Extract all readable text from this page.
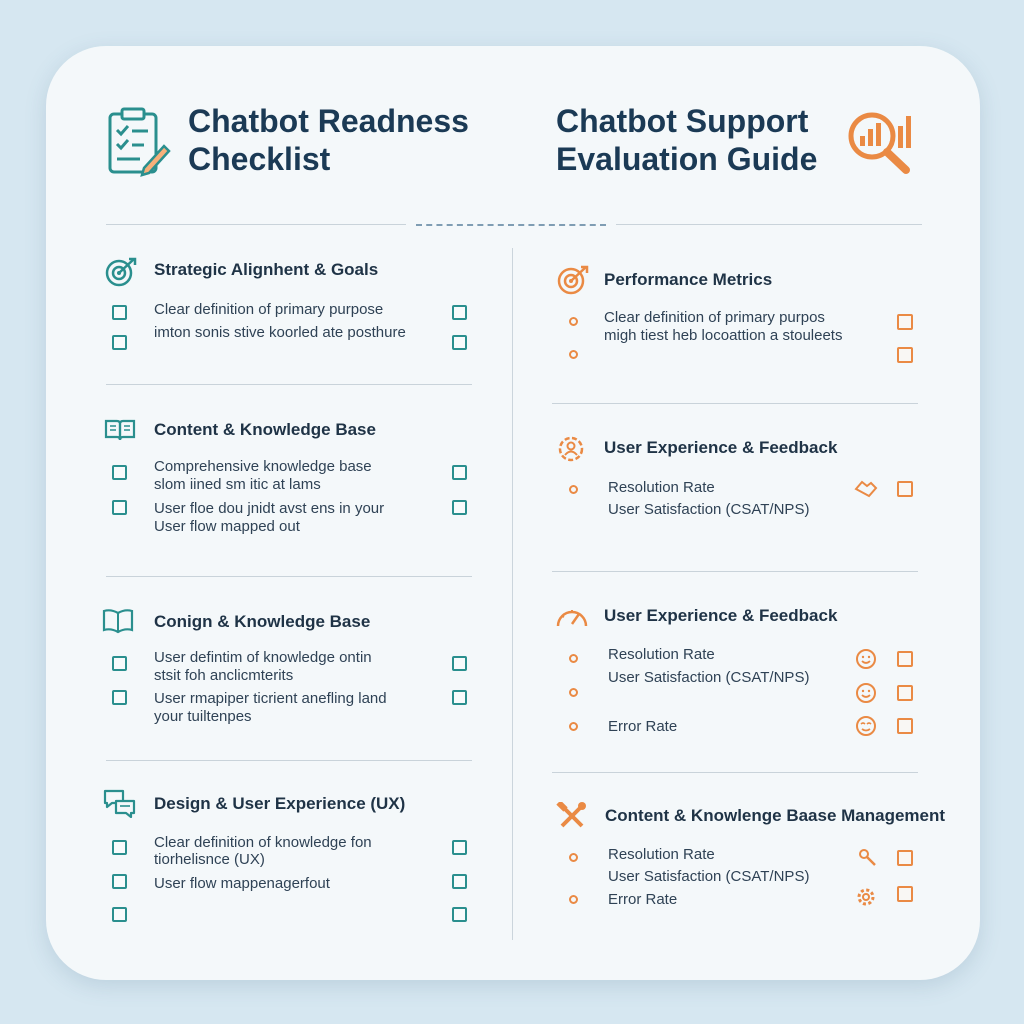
Chatbot Readness
Checklist
Chatbot Support
Evaluation Guide
Strategic Alignhent & Goals
Clear definition of primary purpose
imton sonis stive koorled ate posthure
Content & Knowledge Base
Comprehensive knowledge base
slom iined sm itic at lams
User floe dou jnidt avst ens in your
User flow mapped out
Conign & Knowledge Base
User defintim of knowledge ontin
stsit foh anclicmterits
User rmapiper ticrient anefling land
your tuiltenpes
Design & User Experience (UX)
Clear definition of knowledge fon
tiorhelisnce (UX)
User flow mappenagerfout
Performance Metrics
Clear definition of primary purpos
migh tiest heb locoattion a stouleets
User Experience & Feedback
Resolution Rate
User Satisfaction (CSAT/NPS)
User Experience & Feedback
Resolution Rate
User Satisfaction (CSAT/NPS)
Error Rate
Content & Knowlenge Baase Management
Resolution Rate
User Satisfaction (CSAT/NPS)
Error Rate
